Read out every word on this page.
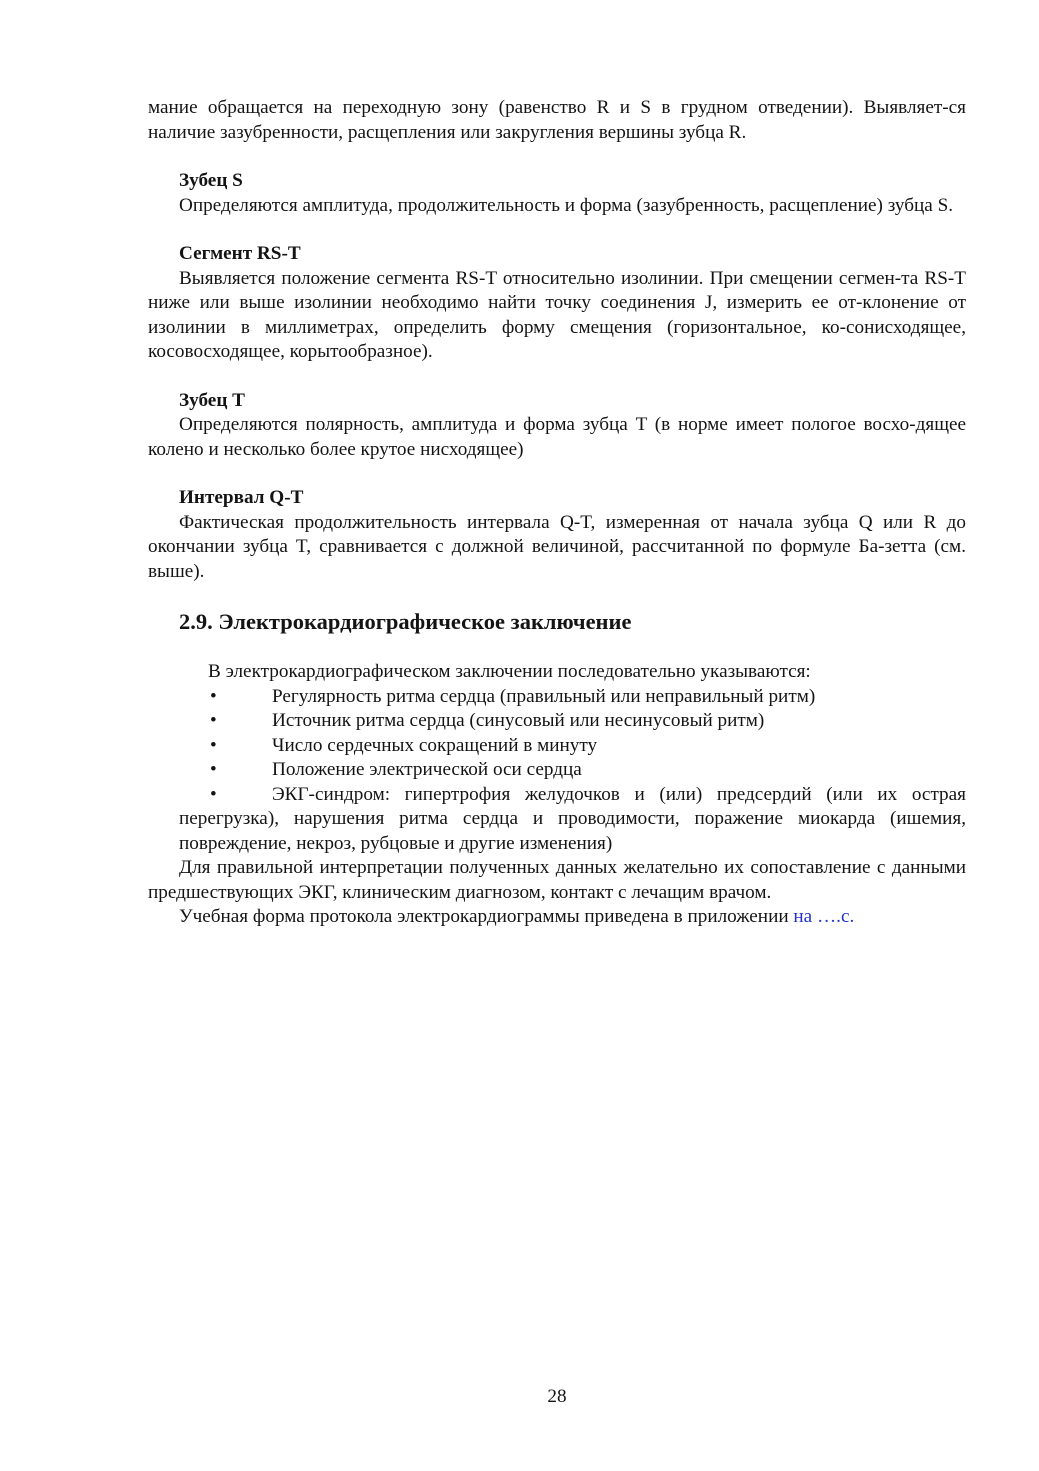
мание обращается на переходную зону (равенство R и S в грудном отведении). Выявляет-ся наличие зазубренности, расщепления или закругления вершины зубца R.

Зубец S

Определяются амплитуда, продолжительность и форма (зазубренность, расщепление) зубца S.

Сегмент RS-T

Выявляется положение сегмента RS-T относительно изолинии. При смещении сегмен-та RS-T ниже или выше изолинии необходимо найти точку соединения J, измерить ее от-клонение от изолинии в миллиметрах, определить форму смещения (горизонтальное, ко-сонисходящее, косовосходящее, корытообразное).

Зубец T

Определяются полярность, амплитуда и форма зубца T (в норме имеет пологое восхо-дящее колено и несколько более крутое нисходящее)

Интервал Q-T

Фактическая продолжительность интервала Q-T, измеренная от начала зубца Q или R до окончании зубца T, сравнивается с должной величиной, рассчитанной по формуле Ба-зетта (см. выше).

2.9. Электрокардиографическое заключение

В электрокардиографическом заключении последовательно указываются:

•	Регулярность ритма сердца (правильный или неправильный ритм)
•	Источник ритма сердца (синусовый или несинусовый ритм)
•	Число сердечных сокращений в минуту
•	Положение электрической оси сердца
•	ЭКГ-синдром: гипертрофия желудочков и (или) предсердий (или их острая перегрузка), нарушения ритма сердца и проводимости, поражение миокарда (ишемия, повреждение, некроз, рубцовые и другие изменения)

Для правильной интерпретации полученных данных желательно их сопоставление с данными предшествующих ЭКГ, клиническим диагнозом, контакт с лечащим врачом.

Учебная форма протокола электрокардиограммы приведена в приложении на ….с.

28
